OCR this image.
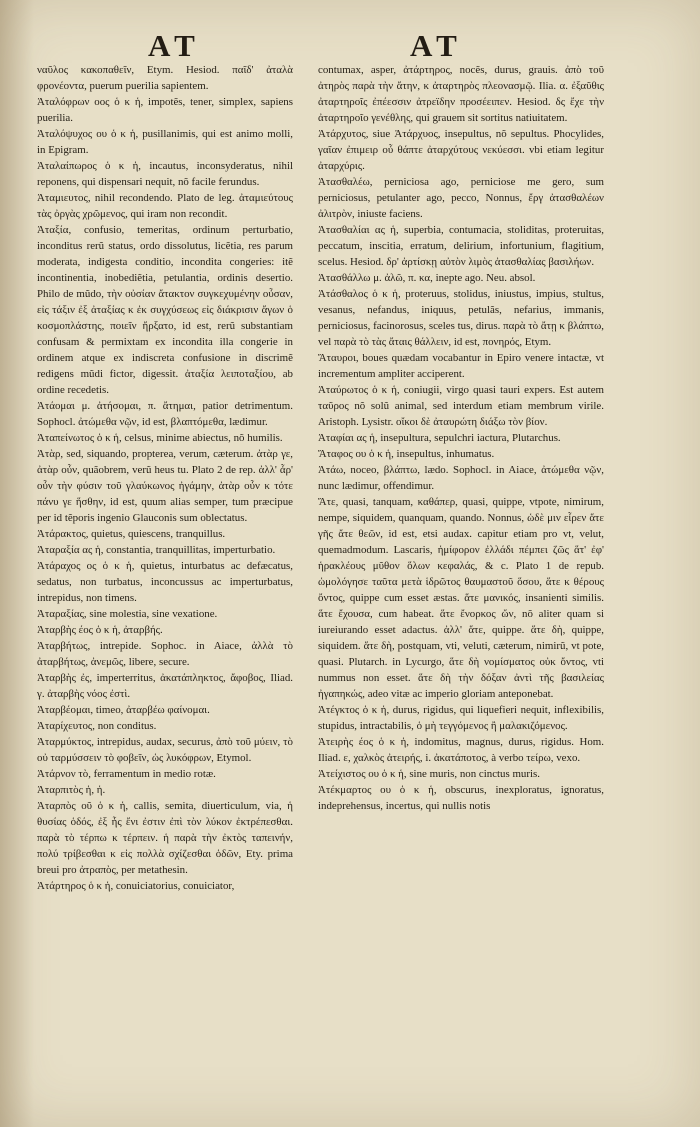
AT	AT

ναῦλος κακοπαθεῖν, Etym. Hesiod. παῖδ' ἀταλὰ φρονέοντα, puerum puerilia sapientem.

Ἀταλόφρων οος ὁ κ ἡ, impotẽs, tener, simplex, sapiens puerilia.

Ἀταλόψυχος ου ὁ κ ἡ, pusillanimis, qui est animo molli, in Epigram.

Ἀταλαίπωρος ὁ κ ἡ, incautus, inconsyderatus, nihil reponens, qui dispensari nequit, nõ facile ferundus.

Ἀταμιευτος, nihil recondendo. Plato de leg. ἀταμιεύτους τὰς ὀργὰς χρῶμενος, qui iram non recondit.

Ἀταξία, confusio, temeritas, ordinum perturbatio, inconditus rerũ status, ordo dissolutus, licẽtia, res parum moderata, indigesta conditio, incondita congeries: itẽ incontinentia, inobediẽtia, petulantia, ordinis desertio. Philo de mũdo, τὴν οὐσίαν ἄτακτον συγκεχυμένην οὖσαν, εἰς τάξιν ἐξ ἀταξίας κ ἐκ συγχύσεως εἰς διάκρισιν ἄγων ὁ κοσμοπλάστης, ποιεῖν ἤρξατο, id est, rerũ substantiam confusam & permixtam ex incondita illa congerie in ordinem atque ex indiscreta confusione in discrimẽ redigens mũdi fictor, digessit. ἀταξία λειποταξίου, ab ordine recedetis.

Ἀτάομαι μ. ἀτήσομαι, π. ἄτημαι, patior detrimentum. Sophocl. ἀτώμεθα νῷν, id est, βλαπτόμεθα, lædimur.

Ἀταπείνωτος ὁ κ ἡ, celsus, minime abiectus, nõ humilis.

Ἀτὰρ, sed, siquando, propterea, verum, cæterum. ἀτὰρ γε, ἀτὰρ οὖν, quãobrem, verũ heus tu. Plato 2 de rep. ἀλλ' ἆρ' οὖν τὴν φύσιν τοῦ γλαύκωνος ἠγάμην, ἀτὰρ οὖν κ τότε πάνυ γε ἥσθην, id est, quum alias semper, tum præcipue per id tẽporis ingenio Glauconis sum oblectatus.

Ἀτάρακτος, quietus, quiescens, tranquillus.

Ἀταραξία ας ἡ, constantia, tranquillitas, imperturbatio.

Ἀτάραχος ος ὁ κ ἡ, quietus, inturbatus ac defæcatus, sedatus, non turbatus, inconcussus ac imperturbatus, intrepidus, non timens.

Ἀταραξίας, sine molestia, sine vexatione.

Ἀταρβὴς έος ὁ κ ἡ, ἀταρβής.

Ἀταρβήτως, intrepide. Sophoc. in Aiace, ἀλλὰ τὸ ἀταρβήτως, ἀνεμῶς, libere, secure.

Ἀταρβὴς ἐς, imperterritus, ἀκατάπληκτος, ἄφοβος, Iliad. γ. ἀταρβὴς νόος ἐστὶ.

Ἀταρβέομαι, timeo, ἀταρβέω φαίνομαι.

Ἀταρίχευτος, non conditus.

Ἀταρμύκτος, intrepidus, audax, securus, ἀπὸ τοῦ μύειν, τὸ οὐ ταρμύσσειν τὸ φοβεῖν, ὡς λυκόφρων, Etymol.

Ἀτάρνον τὸ, ferramentum in medio rotæ.

Ἀταρπιτὸς ἡ, ἡ.

Ἀταρπὸς οῦ ὁ κ ἡ, callis, semita, diuerticulum, via, ἡ θυσίας ὁδός, ἐξ ἧς ἔνι ἐστιν ἐπὶ τὸν λύκον ἐκτρέπεσθαι. παρὰ τὸ τέρπω κ τέρπειν. ἡ παρὰ τὴν ἐκτὸς ταπεινήν, πολύ τρίβεσθαι κ εἰς πολλὰ σχίζεσθαι ὁδῶν, Ety. prima breui pro ἀτραπὸς, per metathesin.

Ἀτάρτηρος ὁ κ ἡ, conuiciatorius, conuiciator,

contumax, asper, ἀτάρτηρος, nocẽs, durus, grauis. ἀπὸ τοῦ ἀτηρὸς παρὰ τὴν ἄτην, κ ἀταρτηρὸς πλεονασμῷ. Ilia. α. ἐξαῦθις ἀταρτηροῖς ἐπέεσσιν ἀτρεϊδην προσέειπεν. Hesiod. δς ἔχε τὴν ἀταρτηροῖο γενέθλης, qui grauem sit sortitus natiuitatem.

Ἀτάρχυτος, siue Ἀτάρχυος, insepultus, nõ sepultus. Phocylides, γαῖαν ἐπιμειρ οὖ θάπτε ἀταρχύτους νεκύεσσι. vbi etiam legitur ἀταρχύρις.

Ἀτασθαλέω, perniciosa ago, perniciose me gero, sum perniciosus, petulanter ago, pecco, Nonnus, ἔργ ἀτασθαλέων ἀλιτρὸν, iniuste faciens.

Ἀτασθαλίαι ας ἡ, superbia, contumacia, stoliditas, proteruitas, peccatum, inscitia, erratum, delirium, infortunium, flagitium, scelus. Hesiod. δρ' ἀρτίσκῃ αὐτὸν λιμὸς ἀτασθαλίας βασιλήων.

Ἀτασθάλλω μ. ἀλῶ, π. κα, inepte ago. Neu. absol.

Ἀτάσθαλος ὁ κ ἡ, proteruus, stolidus, iniustus, impius, stultus, vesanus, nefandus, iniquus, petulãs, nefarius, immanis, perniciosus, facinorosus, sceles tus, dirus. παρὰ τὸ ἄτῃ κ βλάπτω, vel παρὰ τὸ τὰς ἄταις θάλλειν, id est, πονηρός, Etym.

Ἄταυροι, boues quædam vocabantur in Epiro venere intactæ, vt incrementum ampliter acciperent.

Ἀταύρωτος ὁ κ ἡ, coniugii, virgo quasi tauri expers. Est autem ταῦρος nõ solũ animal, sed interdum etiam membrum virile. Aristoph. Lysistr. οἴκοι δὲ ἀταυρώτη διάξω τὸν βίον.

Ἀταφίαι ας ἡ, insepultura, sepulchri iactura, Plutarchus.

Ἄταφος ου ὁ κ ἡ, insepultus, inhumatus.

Ἀτάω, noceo, βλάπτω, lædo. Sophocl. in Aiace, ἀτώμεθα νῷν, nunc lædimur, offendimur.

Ἄτε, quasi, tanquam, καθάπερ, quasi, quippe, vtpote, nimirum, nempe, siquidem, quanquam, quando. Nonnus, ὡδὲ μιν εἶρεν ἅτε γῆς ἄτε θεῶν, id est, etsi audax. capitur etiam pro vt, velut, quemadmodum. Lascaris, ἡμίφορον ἐλλάδι πέμπει ζῶς ἅτ' ἐφ' ἡρακλέους μῦθον ὅλων κεφαλάς, & c. Plato 1 de repub. ὡμολόγησε ταῦτα μετὰ ἱδρῶτος θαυμαστοῦ ὅσου, ἅτε κ θέρους ὄντος, quippe cum esset æstas. ἅτε μανικός, insanienti similis. ἅτε ἔχουσα, cum habeat. ἅτε ἔνορκος ὤν, nõ aliter quam si iureiurando esset adactus. ἀλλ' ἅτε, quippe. ἅτε δὴ, quippe, siquidem. ἅτε δὴ, postquam, vti, veluti, cæterum, nimirũ, vt pote, quasi. Plutarch. in Lycurgo, ἅτε δὴ νομίσματος οὐκ ὄντος, vti nummus non esset. ἅτε δὴ τὴν δόξαν ἀντὶ τῆς βασιλείας ἠγαπηκώς, adeo vitæ ac imperio gloriam anteponebat.

Ἀτέγκτος ὁ κ ἡ, durus, rigidus, qui liquefieri nequit, inflexibilis, stupidus, intractabilis, ὁ μὴ τεγγόμενος ἢ μαλακιζόμενος.

Ἀτειρὴς έος ὁ κ ἡ, indomitus, magnus, durus, rigidus. Hom. Iliad. ε, χαλκὸς ἀτειρής, i. ἀκατάποτος, à verbo τείρω, vexo.

Ἀτείχιστος ου ὁ κ ἡ, sine muris, non cinctus muris.

Ἀτέκμαρτος ου ὁ κ ἡ, obscurus, inexploratus, ignoratus, indeprehensus, incertus, qui nullis notis
